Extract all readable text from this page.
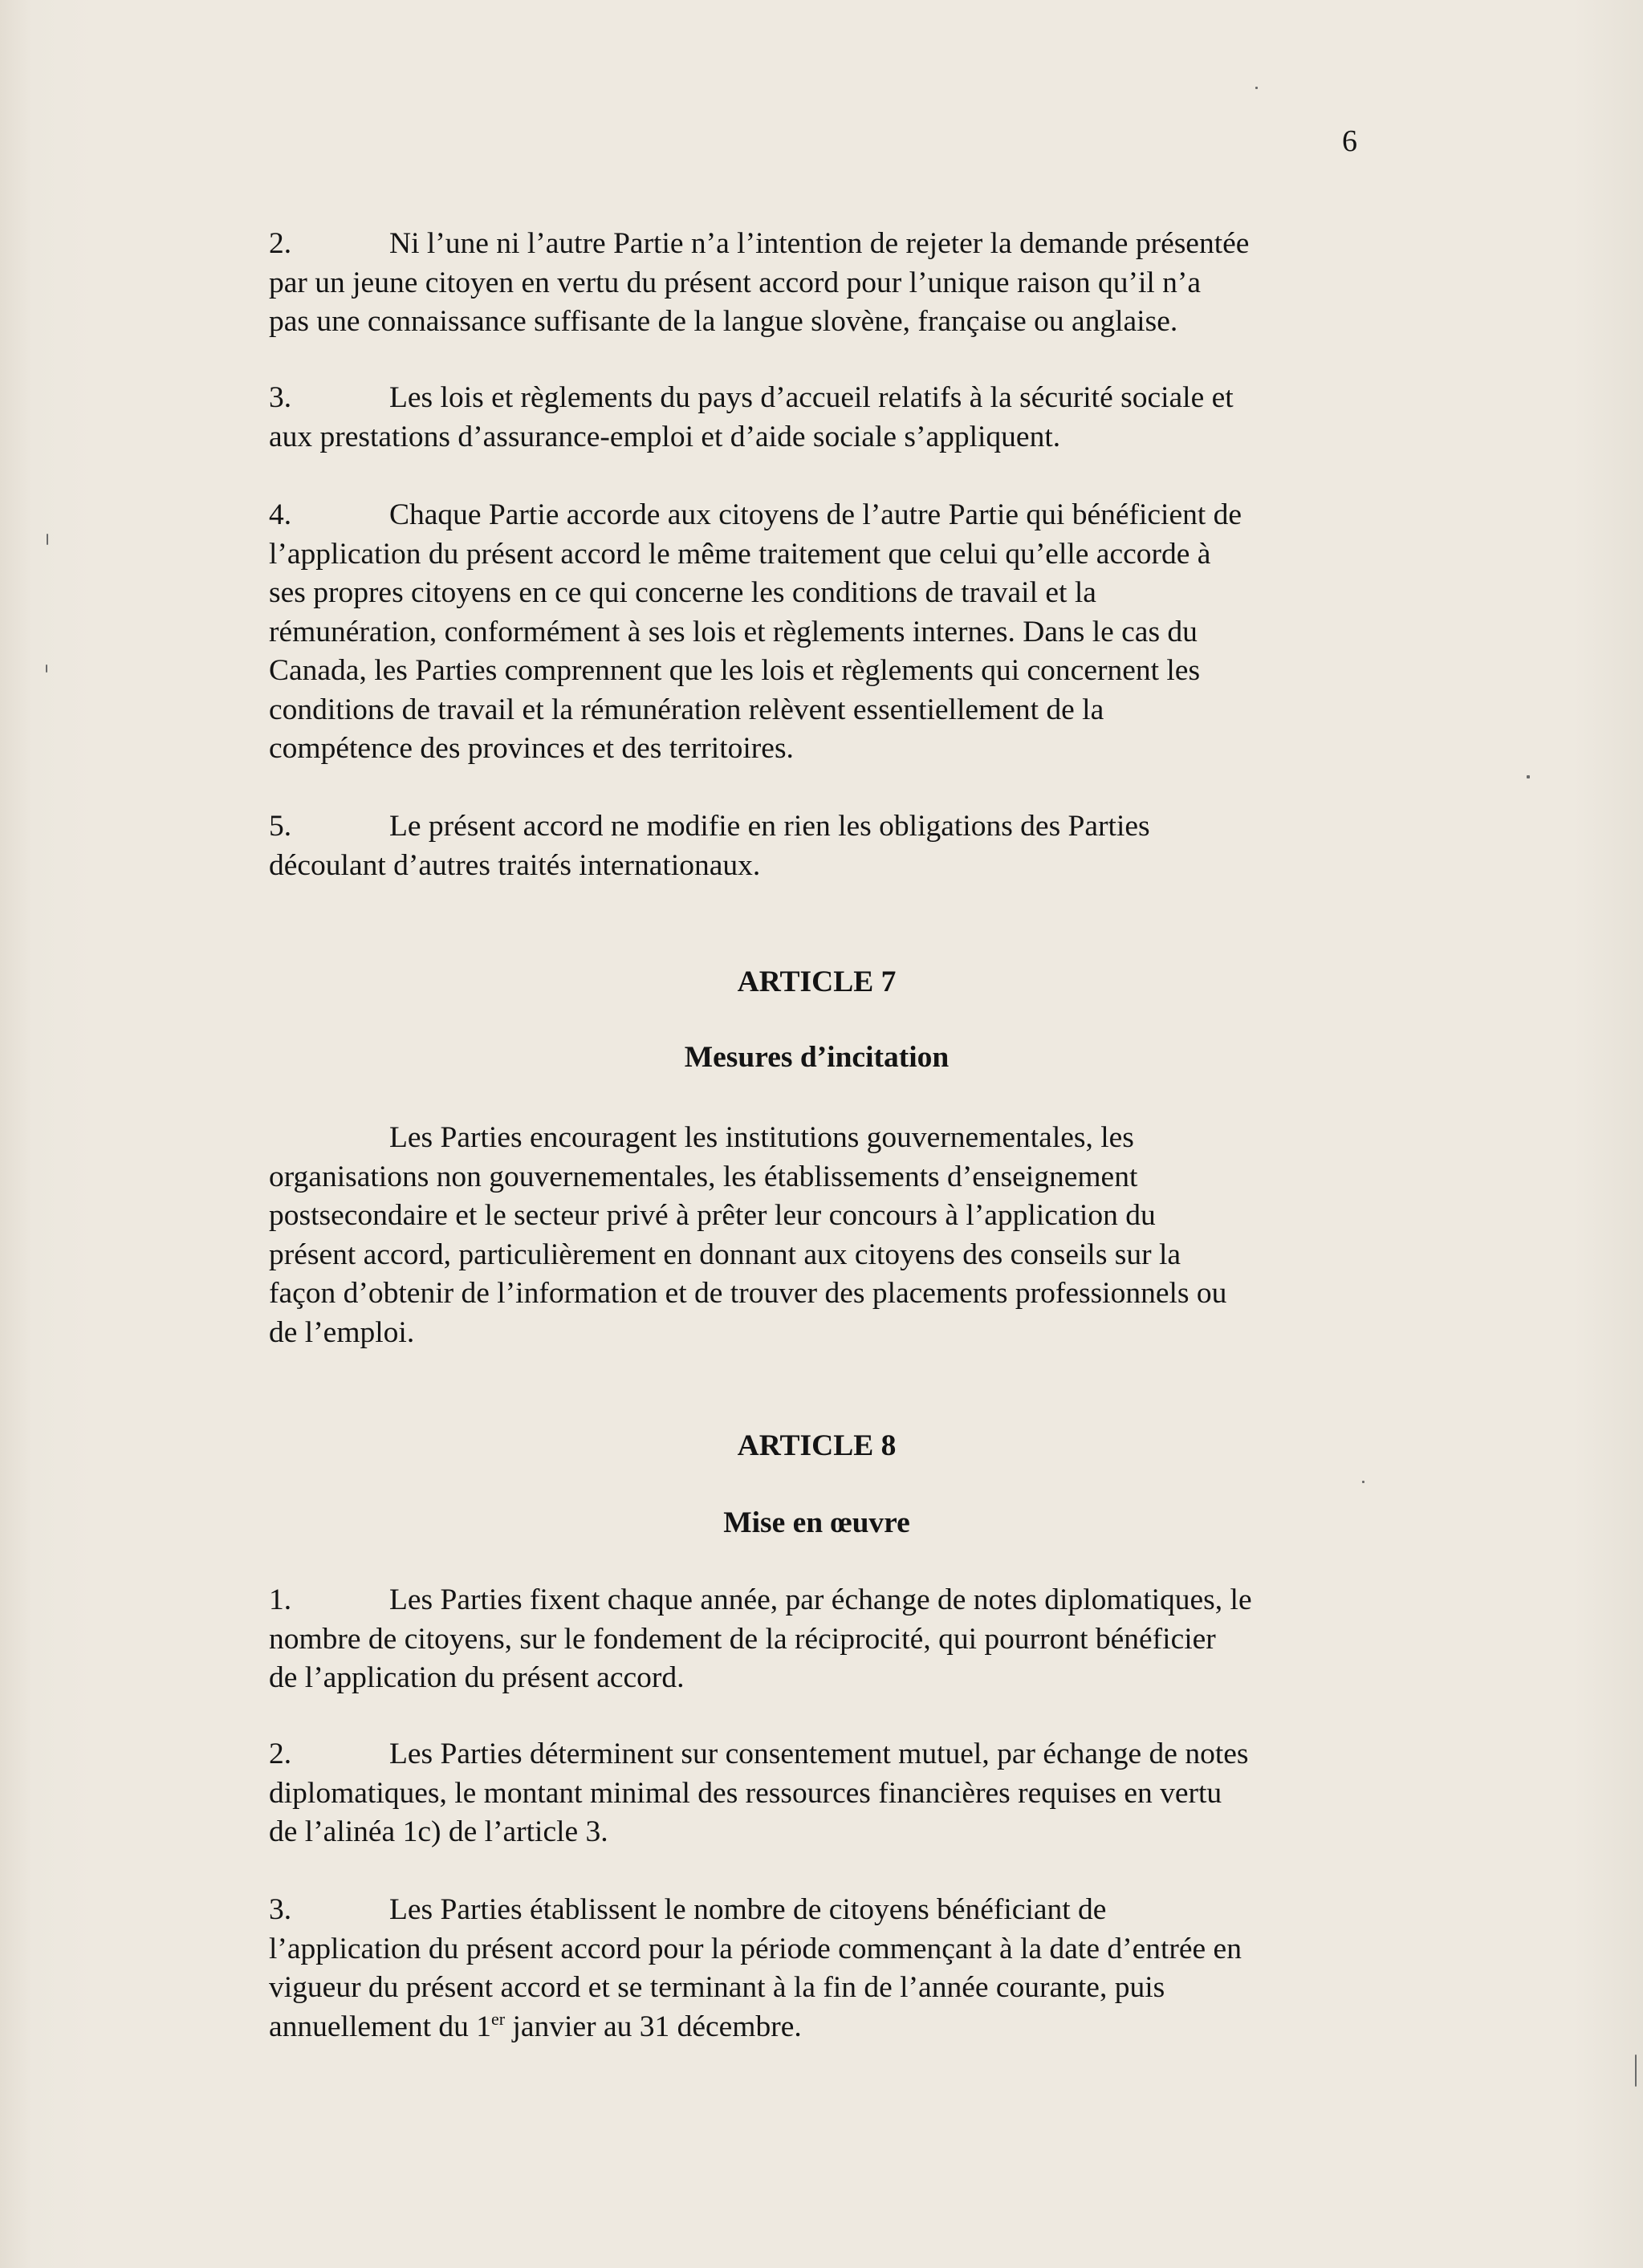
6
2.	Ni l’une ni l’autre Partie n’a l’intention de rejeter la demande présentée
par un jeune citoyen en vertu du présent accord pour l’unique raison qu’il n’a
pas une connaissance suffisante de la langue slovène, française ou anglaise.
3.	Les lois et règlements du pays d’accueil relatifs à la sécurité sociale et
aux prestations d’assurance-emploi et d’aide sociale s’appliquent.
4.	Chaque Partie accorde aux citoyens de l’autre Partie qui bénéficient de
l’application du présent accord le même traitement que celui qu’elle accorde à
ses propres citoyens en ce qui concerne les conditions de travail et la
rémunération, conformément à ses lois et règlements internes. Dans le cas du
Canada, les Parties comprennent que les lois et règlements qui concernent les
conditions de travail et la rémunération relèvent essentiellement de la
compétence des provinces et des territoires.
5.	Le présent accord ne modifie en rien les obligations des Parties
découlant d’autres traités internationaux.
ARTICLE 7
Mesures d’incitation
Les Parties encouragent les institutions gouvernementales, les
organisations non gouvernementales, les établissements d’enseignement
postsecondaire et le secteur privé à prêter leur concours à l’application du
présent accord, particulièrement en donnant aux citoyens des conseils sur la
façon d’obtenir de l’information et de trouver des placements professionnels ou
de l’emploi.
ARTICLE 8
Mise en œuvre
1.	Les Parties fixent chaque année, par échange de notes diplomatiques, le
nombre de citoyens, sur le fondement de la réciprocité, qui pourront bénéficier
de l’application du présent accord.
2.	Les Parties déterminent sur consentement mutuel, par échange de notes
diplomatiques, le montant minimal des ressources financières requises en vertu
de l’alinéa 1c) de l’article 3.
3.	Les Parties établissent le nombre de citoyens bénéficiant de
l’application du présent accord pour la période commençant à la date d’entrée en
vigueur du présent accord et se terminant à la fin de l’année courante, puis
annuellement du 1er janvier au 31 décembre.
